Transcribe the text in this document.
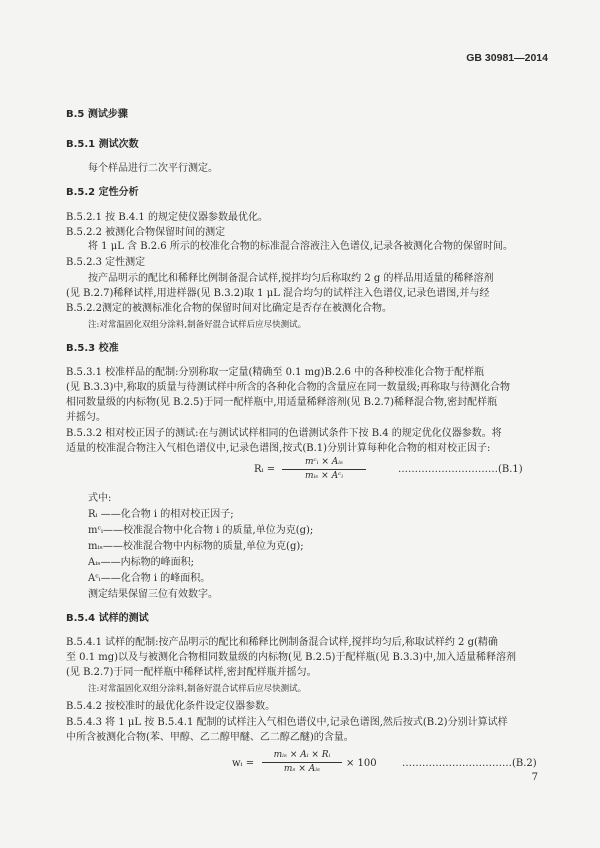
GB 30981—2014
B.5 测试步骤
B.5.1 测试次数
每个样品进行二次平行测定。
B.5.2 定性分析
B.5.2.1 按 B.4.1 的规定使仪器参数最优化。
B.5.2.2 被测化合物保留时间的测定
将 1 μL 含 B.2.6 所示的校准化合物的标准混合溶液注入色谱仪,记录各被测化合物的保留时间。
B.5.2.3 定性测定
按产品明示的配比和稀释比例制备混合试样,搅拌均匀后称取约 2 g 的样品用适量的稀释溶剂
(见 B.2.7)稀释试样,用进样器(见 B.3.2)取 1 μL 混合均匀的试样注入色谱仪,记录色谱图,并与经
B.5.2.2测定的被测标准化合物的保留时间对比确定是否存在被测化合物。
注:对常温固化双组分涂料,制备好混合试样后应尽快测试。
B.5.3 校准
B.5.3.1 校准样品的配制:分别称取一定量(精确至 0.1 mg)B.2.6 中的各种校准化合物于配样瓶
(见 B.3.3)中,称取的质量与待测试样中所含的各种化合物的含量应在同一数量级;再称取与待测化合物
相同数量级的内标物(见 B.2.5)于同一配样瓶中,用适量稀释溶剂(见 B.2.7)稀释混合物,密封配样瓶
并摇匀。
B.5.3.2 相对校正因子的测试:在与测试试样相同的色谱测试条件下按 B.4 的规定优化仪器参数。将
适量的校准混合物注入气相色谱仪中,记录色谱图,按式(B.1)分别计算每种化合物的相对校正因子:
式中:
Rᵢ ——化合物 i 的相对校正因子;
mᶜᵢ——校准混合物中化合物 i 的质量,单位为克(g);
mᵢₛ——校准混合物中内标物的质量,单位为克(g);
Aᵢₛ——内标物的峰面积;
Aᶜᵢ——化合物 i 的峰面积。
测定结果保留三位有效数字。
B.5.4 试样的测试
B.5.4.1 试样的配制:按产品明示的配比和稀释比例制备混合试样,搅拌均匀后,称取试样约 2 g(精确
至 0.1 mg)以及与被测化合物相同数量级的内标物(见 B.2.5)于配样瓶(见 B.3.3)中,加入适量稀释溶剂
(见 B.2.7)于同一配样瓶中稀释试样,密封配样瓶并摇匀。
注:对常温固化双组分涂料,制备好混合试样后应尽快测试。
B.5.4.2 按校准时的最优化条件设定仪器参数。
B.5.4.3 将 1 μL 按 B.5.4.1 配制的试样注入气相色谱仪中,记录色谱图,然后按式(B.2)分别计算试样
中所含被测化合物(苯、甲醇、乙二醇甲醚、乙二醇乙醚)的含量。
Rᵢ =
mᶜᵢ × Aᵢₛ
mᵢₛ × Aᶜᵢ
…………………………(B.1)
wᵢ =
mᵢₛ × Aᵢ × Rᵢ
mₛ × Aᵢₛ	× 100	……………………………(B.2)
7
